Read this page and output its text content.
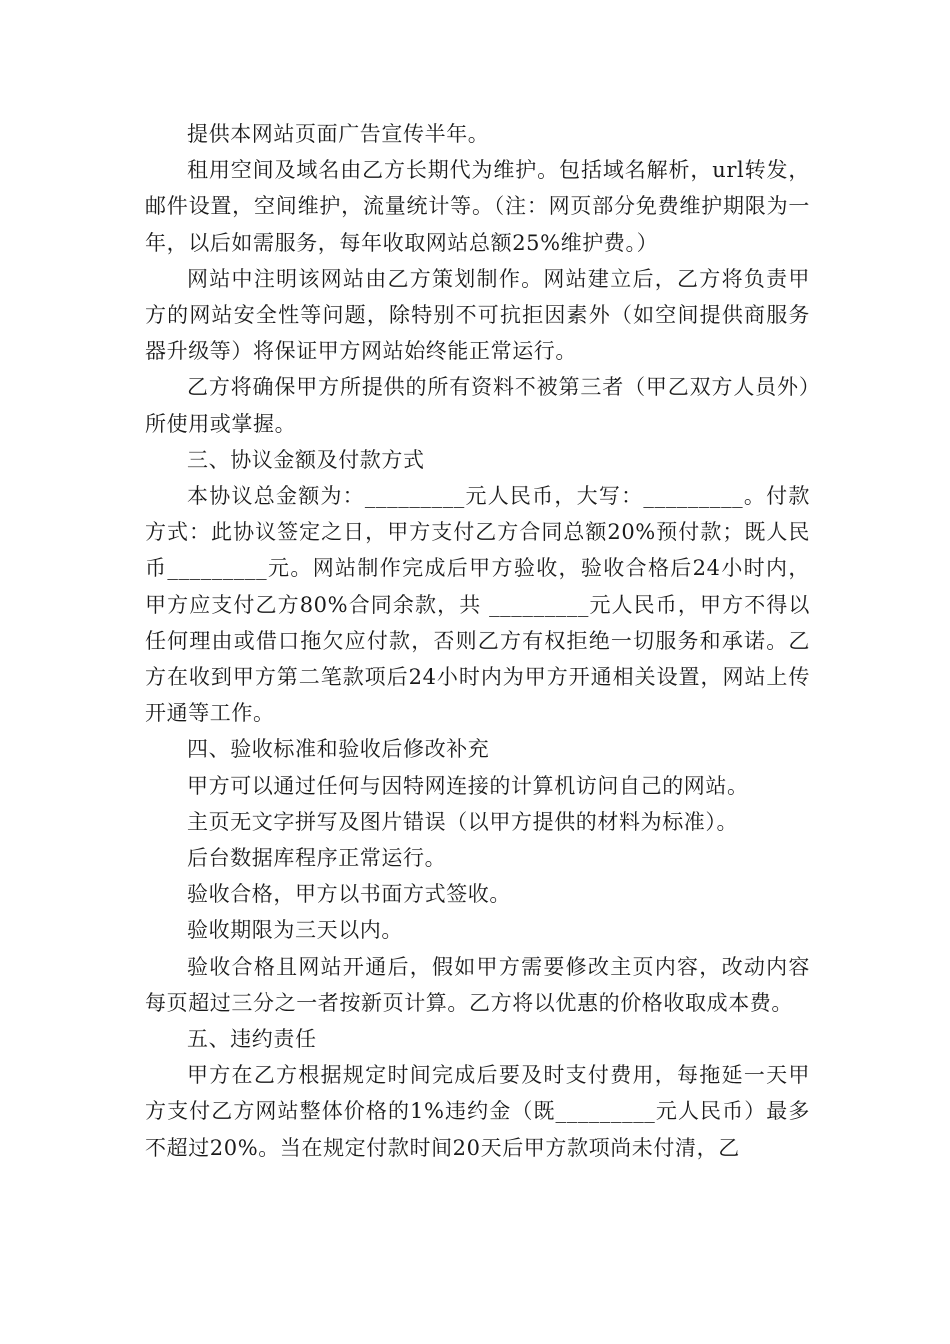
提供本网站页面广告宣传半年。

租用空间及域名由乙方长期代为维护。包括域名解析，url转发，邮件设置，空间维护，流量统计等。（注：网页部分免费维护期限为一年，以后如需服务，每年收取网站总额25%维护费。）

网站中注明该网站由乙方策划制作。网站建立后，乙方将负责甲方的网站安全性等问题，除特别不可抗拒因素外（如空间提供商服务器升级等）将保证甲方网站始终能正常运行。

乙方将确保甲方所提供的所有资料不被第三者（甲乙双方人员外）所使用或掌握。

三、协议金额及付款方式

本协议总金额为：_________元人民币，大写：_________。付款方式：此协议签定之日，甲方支付乙方合同总额20%预付款；既人民币_________元。网站制作完成后甲方验收，验收合格后24小时内，甲方应支付乙方80%合同余款，共 _________元人民币，甲方不得以任何理由或借口拖欠应付款，否则乙方有权拒绝一切服务和承诺。乙方在收到甲方第二笔款项后24小时内为甲方开通相关设置，网站上传开通等工作。

四、验收标准和验收后修改补充

甲方可以通过任何与因特网连接的计算机访问自己的网站。

主页无文字拼写及图片错误（以甲方提供的材料为标准）。

后台数据库程序正常运行。

验收合格，甲方以书面方式签收。

验收期限为三天以内。

验收合格且网站开通后，假如甲方需要修改主页内容，改动内容每页超过三分之一者按新页计算。乙方将以优惠的价格收取成本费。

五、违约责任

甲方在乙方根据规定时间完成后要及时支付费用，每拖延一天甲方支付乙方网站整体价格的1%违约金（既_________元人民币）最多不超过20%。当在规定付款时间20天后甲方款项尚未付清，乙
